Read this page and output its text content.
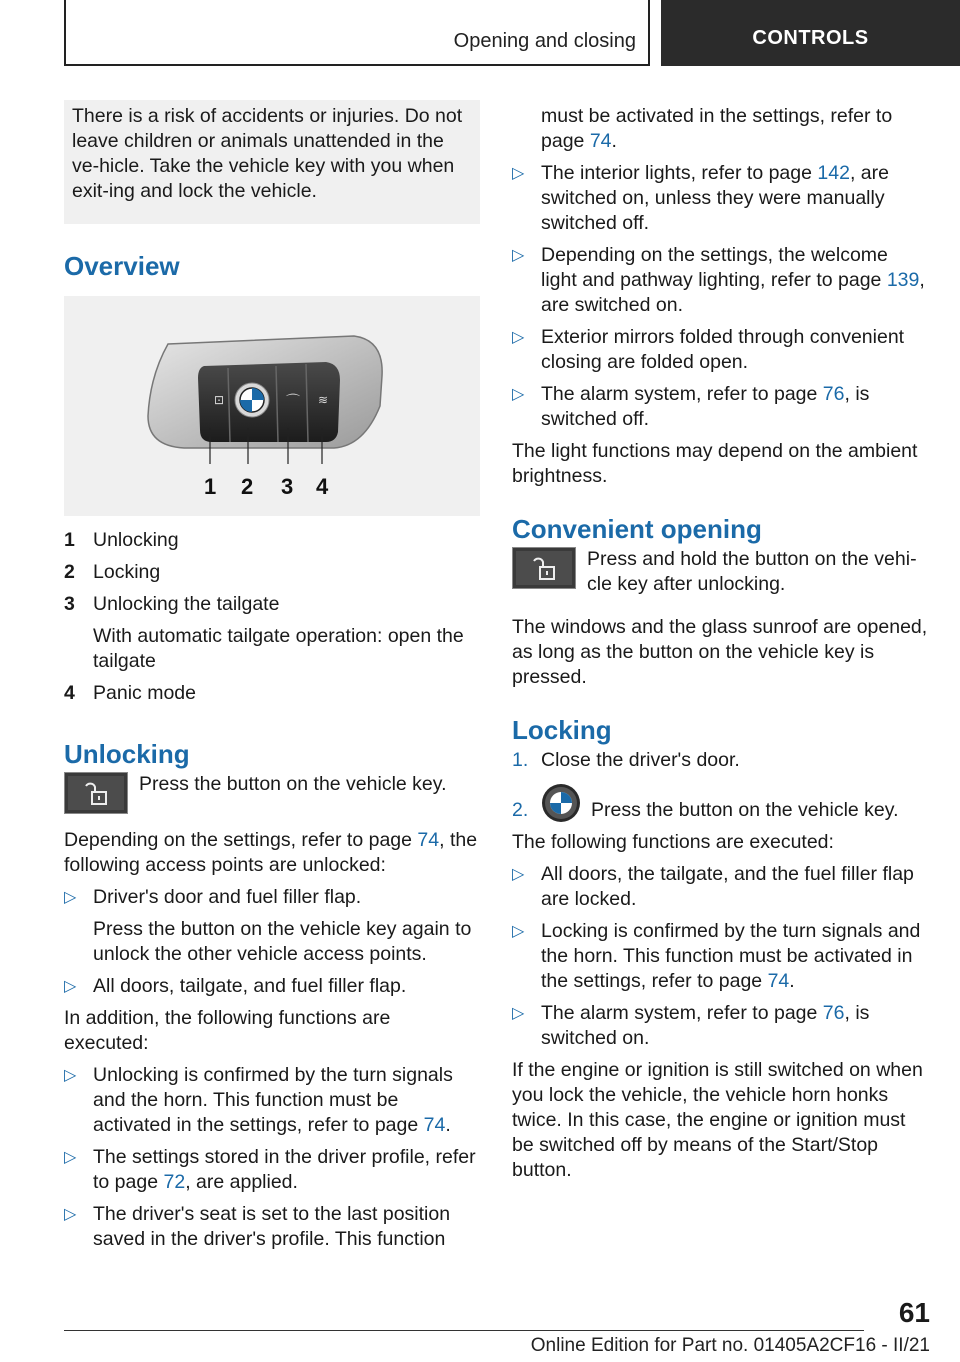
Opening and closing	CONTROLS
There is a risk of accidents or injuries. Do not leave children or animals unattended in the ve‐hicle. Take the vehicle key with you when exit‐ing and lock the vehicle.
Overview
⊡	⌒ ≋
1 2 3 4
1 Unlocking
2 Locking
3 Unlocking the tailgate
With automatic tailgate operation: open the tailgate
4 Panic mode
Unlocking
Press the button on the vehicle key.
Depending on the settings, refer to page 74, the following access points are unlocked:
▷ Driver's door and fuel filler flap.
Press the button on the vehicle key again to unlock the other vehicle access points.
▷ All doors, tailgate, and fuel filler flap.
In addition, the following functions are executed:
▷ Unlocking is confirmed by the turn signals and the horn. This function must be activated in the settings, refer to page 74.
▷ The settings stored in the driver profile, refer to page 72, are applied.
▷ The driver's seat is set to the last position saved in the driver's profile. This function
must be activated in the settings, refer to page 74.
▷ The interior lights, refer to page 142, are switched on, unless they were manually switched off.
▷ Depending on the settings, the welcome light and pathway lighting, refer to page 139, are switched on.
▷ Exterior mirrors folded through convenient closing are folded open.
▷ The alarm system, refer to page 76, is switched off.
The light functions may depend on the ambient brightness.
Convenient opening
Press and hold the button on the vehi‐cle key after unlocking.
The windows and the glass sunroof are opened, as long as the button on the vehicle key is pressed.
Locking
1. Close the driver's door.
2.	Press the button on the vehicle key.
The following functions are executed:
▷ All doors, the tailgate, and the fuel filler flap are locked.
▷ Locking is confirmed by the turn signals and the horn. This function must be activated in the settings, refer to page 74.
▷ The alarm system, refer to page 76, is switched on.
If the engine or ignition is still switched on when you lock the vehicle, the vehicle horn honks twice. In this case, the engine or ignition must be switched off by means of the Start/Stop button.
61
Online Edition for Part no. 01405A2CF16 - II/21
